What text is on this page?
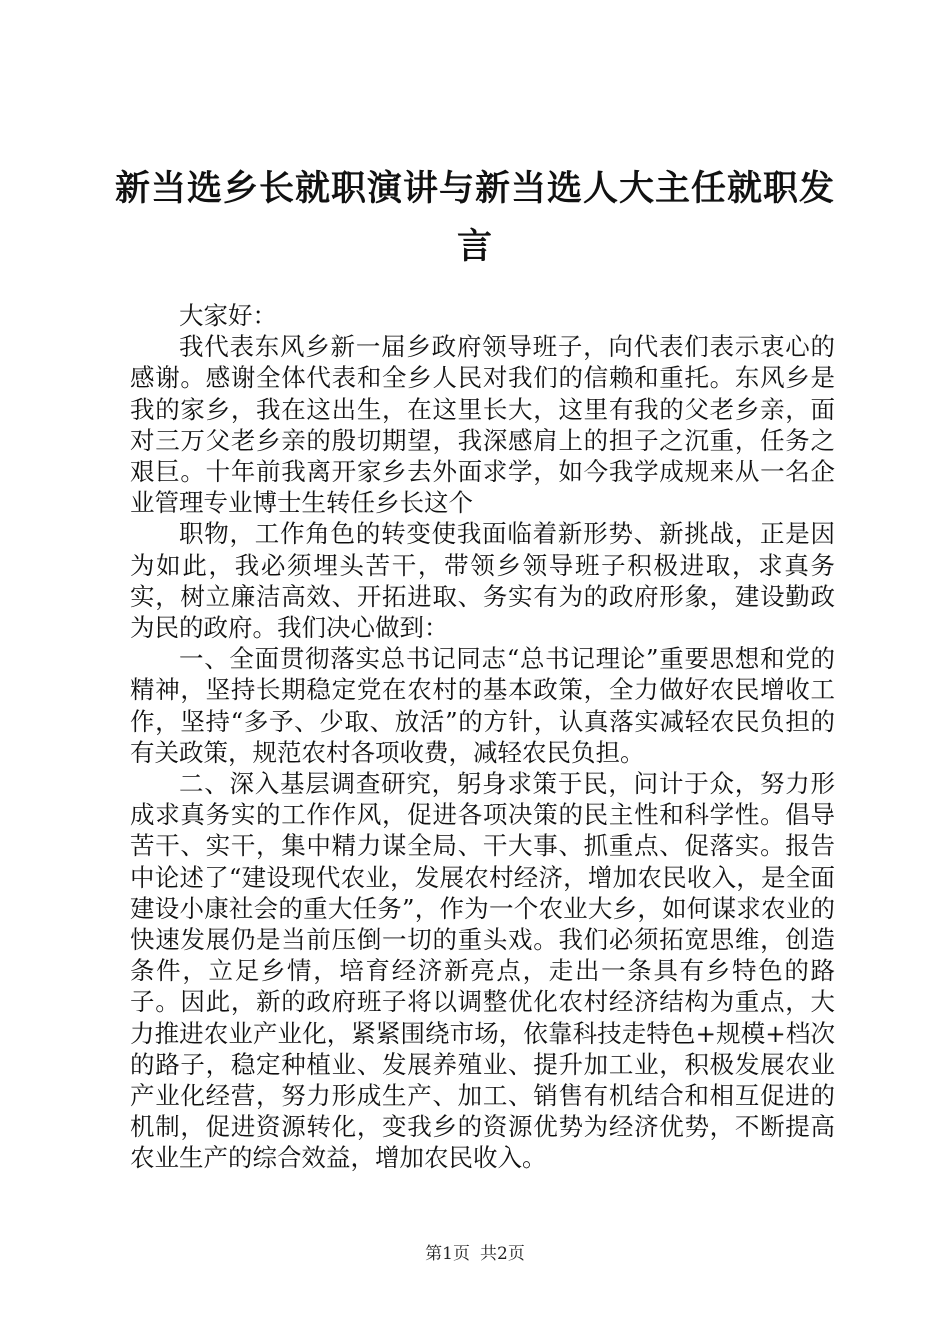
新当选乡长就职演讲与新当选人大主任就职发言

大家好：

我代表东风乡新一届乡政府领导班子，向代表们表示衷心的感谢。感谢全体代表和全乡人民对我们的信赖和重托。东风乡是我的家乡，我在这出生，在这里长大，这里有我的父老乡亲，面对三万父老乡亲的殷切期望，我深感肩上的担子之沉重，任务之艰巨。十年前我离开家乡去外面求学，如今我学成规来从一名企业管理专业博士生转任乡长这个

职物，工作角色的转变使我面临着新形势、新挑战，正是因为如此，我必须埋头苦干，带领乡领导班子积极进取，求真务实，树立廉洁高效、开拓进取、务实有为的政府形象，建设勤政为民的政府。我们决心做到：

一、全面贯彻落实总书记同志“总书记理论”重要思想和党的精神，坚持长期稳定党在农村的基本政策，全力做好农民增收工作，坚持“多予、少取、放活”的方针，认真落实减轻农民负担的有关政策，规范农村各项收费，减轻农民负担。

二、深入基层调查研究，躬身求策于民，问计于众，努力形成求真务实的工作作风，促进各项决策的民主性和科学性。倡导苦干、实干，集中精力谋全局、干大事、抓重点、促落实。报告中论述了“建设现代农业，发展农村经济，增加农民收入，是全面建设小康社会的重大任务”，作为一个农业大乡，如何谋求农业的快速发展仍是当前压倒一切的重头戏。我们必须拓宽思维，创造条件，立足乡情，培育经济新亮点，走出一条具有乡特色的路子。因此，新的政府班子将以调整优化农村经济结构为重点，大力推进农业产业化，紧紧围绕市场，依靠科技走特色+规模+档次的路子，稳定种植业、发展养殖业、提升加工业，积极发展农业产业化经营，努力形成生产、加工、销售有机结合和相互促进的机制，促进资源转化，变我乡的资源优势为经济优势，不断提高农业生产的综合效益，增加农民收入。

第1页 共2页
